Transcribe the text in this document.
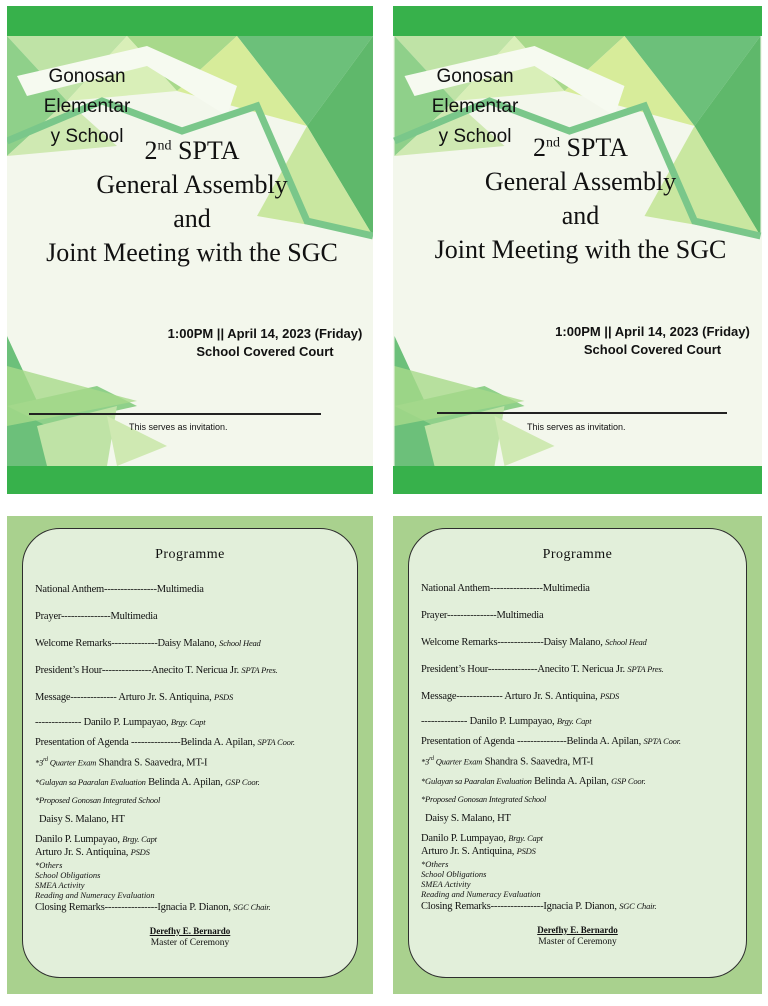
Gonosan
Elementar
y School 2nd SPTA
General Assembly
and
Joint Meeting with the SGC
1:00PM || April 14, 2023 (Friday)
School Covered Court
This serves as invitation.
Gonosan
Elementar
y School 2nd SPTA
General Assembly
and
Joint Meeting with the SGC
1:00PM || April 14, 2023 (Friday)
School Covered Court
This serves as invitation.
Programme
National Anthem----------------Multimedia
Prayer---------------Multimedia
Welcome Remarks--------------Daisy Malano, School Head
President’s Hour---------------Anecito T. Nericua Jr. SPTA Pres.
Message-------------- Arturo Jr. S. Antiquina, PSDS
-------------- Danilo P. Lumpayao, Brgy. Capt
Presentation of Agenda ---------------Belinda A. Apilan, SPTA Coor.
*3rd Quarter Exam Shandra S. Saavedra, MT-I
*Gulayan sa Paaralan Evaluation Belinda A. Apilan, GSP Coor.
*Proposed Gonosan Integrated School
Daisy S. Malano, HT
Danilo P. Lumpayao, Brgy. Capt
Arturo Jr. S. Antiquina, PSDS
*Others
School Obligations
SMEA Activity
Reading and Numeracy Evaluation
Closing Remarks----------------Ignacia P. Dianon, SGC Chair.
Derefhy E. Bernardo
Master of Ceremony
Programme
National Anthem----------------Multimedia
Prayer---------------Multimedia
Welcome Remarks--------------Daisy Malano, School Head
President’s Hour---------------Anecito T. Nericua Jr. SPTA Pres.
Message-------------- Arturo Jr. S. Antiquina, PSDS
-------------- Danilo P. Lumpayao, Brgy. Capt
Presentation of Agenda ---------------Belinda A. Apilan, SPTA Coor.
*3rd Quarter Exam Shandra S. Saavedra, MT-I
*Gulayan sa Paaralan Evaluation Belinda A. Apilan, GSP Coor.
*Proposed Gonosan Integrated School
Daisy S. Malano, HT
Danilo P. Lumpayao, Brgy. Capt
Arturo Jr. S. Antiquina, PSDS
*Others
School Obligations
SMEA Activity
Reading and Numeracy Evaluation
Closing Remarks----------------Ignacia P. Dianon, SGC Chair.
Derefhy E. Bernardo
Master of Ceremony
